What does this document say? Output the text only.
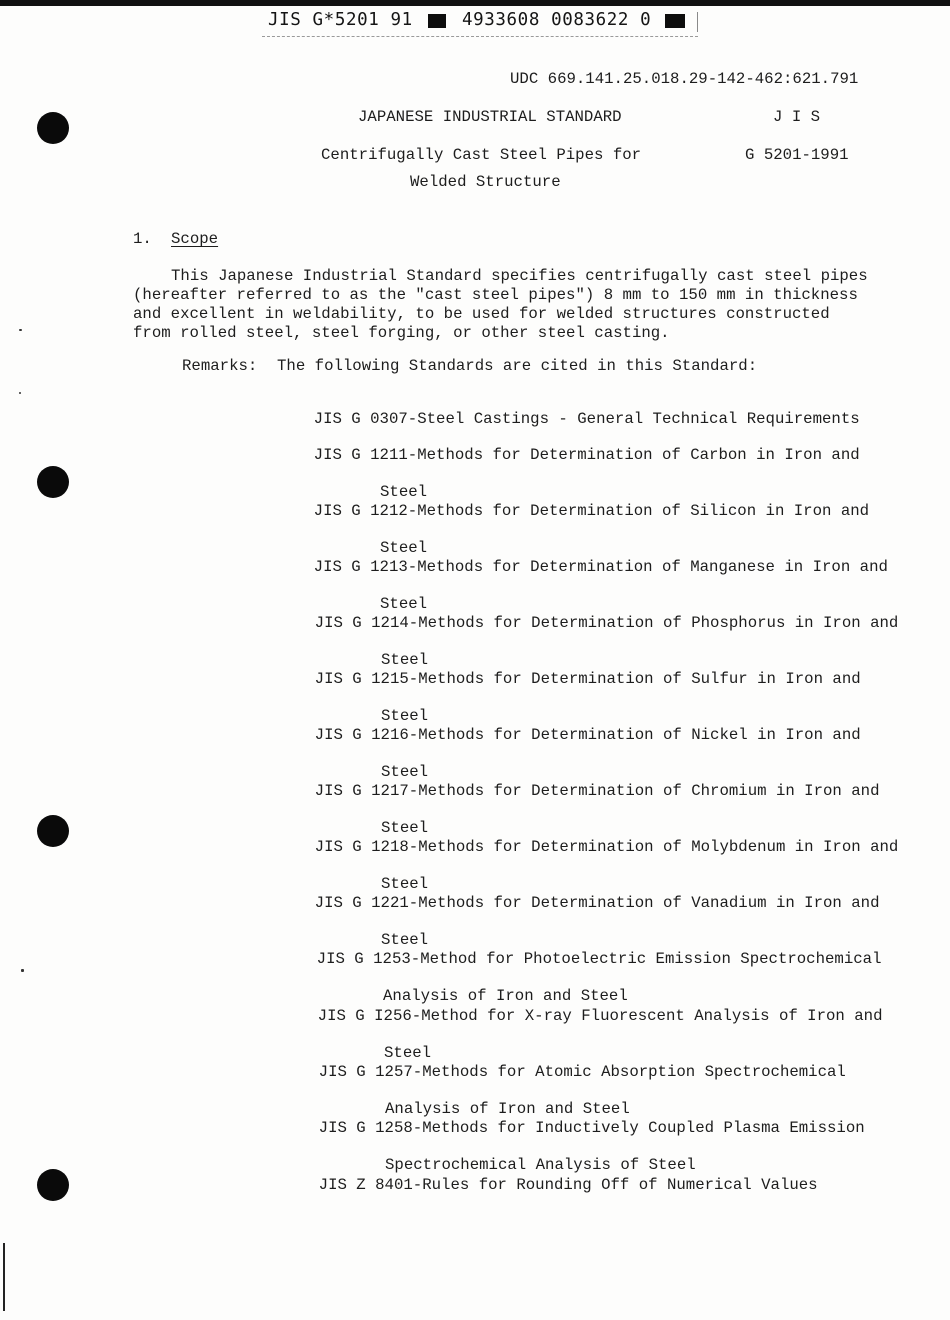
JIS G*5201 91	4933608 0083622 0
UDC 669.141.25.018.29-142-462:621.791
JAPANESE INDUSTRIAL STANDARD	J I S
Centrifugally Cast Steel Pipes for	G 5201-1991
Welded Structure
1. Scope
This Japanese Industrial Standard specifies centrifugally cast steel pipes
(hereafter referred to as the "cast steel pipes") 8 mm to 150 mm in thickness
and excellent in weldability, to be used for welded structures constructed
from rolled steel, steel forging, or other steel casting.
Remarks: The following Standards are cited in this Standard:

JIS G 0307-Steel Castings - General Technical Requirements

JIS G 1211-Methods for Determination of Carbon in Iron and

Steel

JIS G 1212-Methods for Determination of Silicon in Iron and

Steel

JIS G 1213-Methods for Determination of Manganese in Iron and

Steel

JIS G 1214-Methods for Determination of Phosphorus in Iron and

Steel

JIS G 1215-Methods for Determination of Sulfur in Iron and

Steel

JIS G 1216-Methods for Determination of Nickel in Iron and

Steel

JIS G 1217-Methods for Determination of Chromium in Iron and

Steel

JIS G 1218-Methods for Determination of Molybdenum in Iron and

Steel

JIS G 1221-Methods for Determination of Vanadium in Iron and

Steel

JIS G 1253-Method for Photoelectric Emission Spectrochemical

Analysis of Iron and Steel

JIS G I256-Method for X-ray Fluorescent Analysis of Iron and

Steel

JIS G 1257-Methods for Atomic Absorption Spectrochemical

Analysis of Iron and Steel

JIS G 1258-Methods for Inductively Coupled Plasma Emission

Spectrochemical Analysis of Steel

JIS Z 8401-Rules for Rounding Off of Numerical Values
